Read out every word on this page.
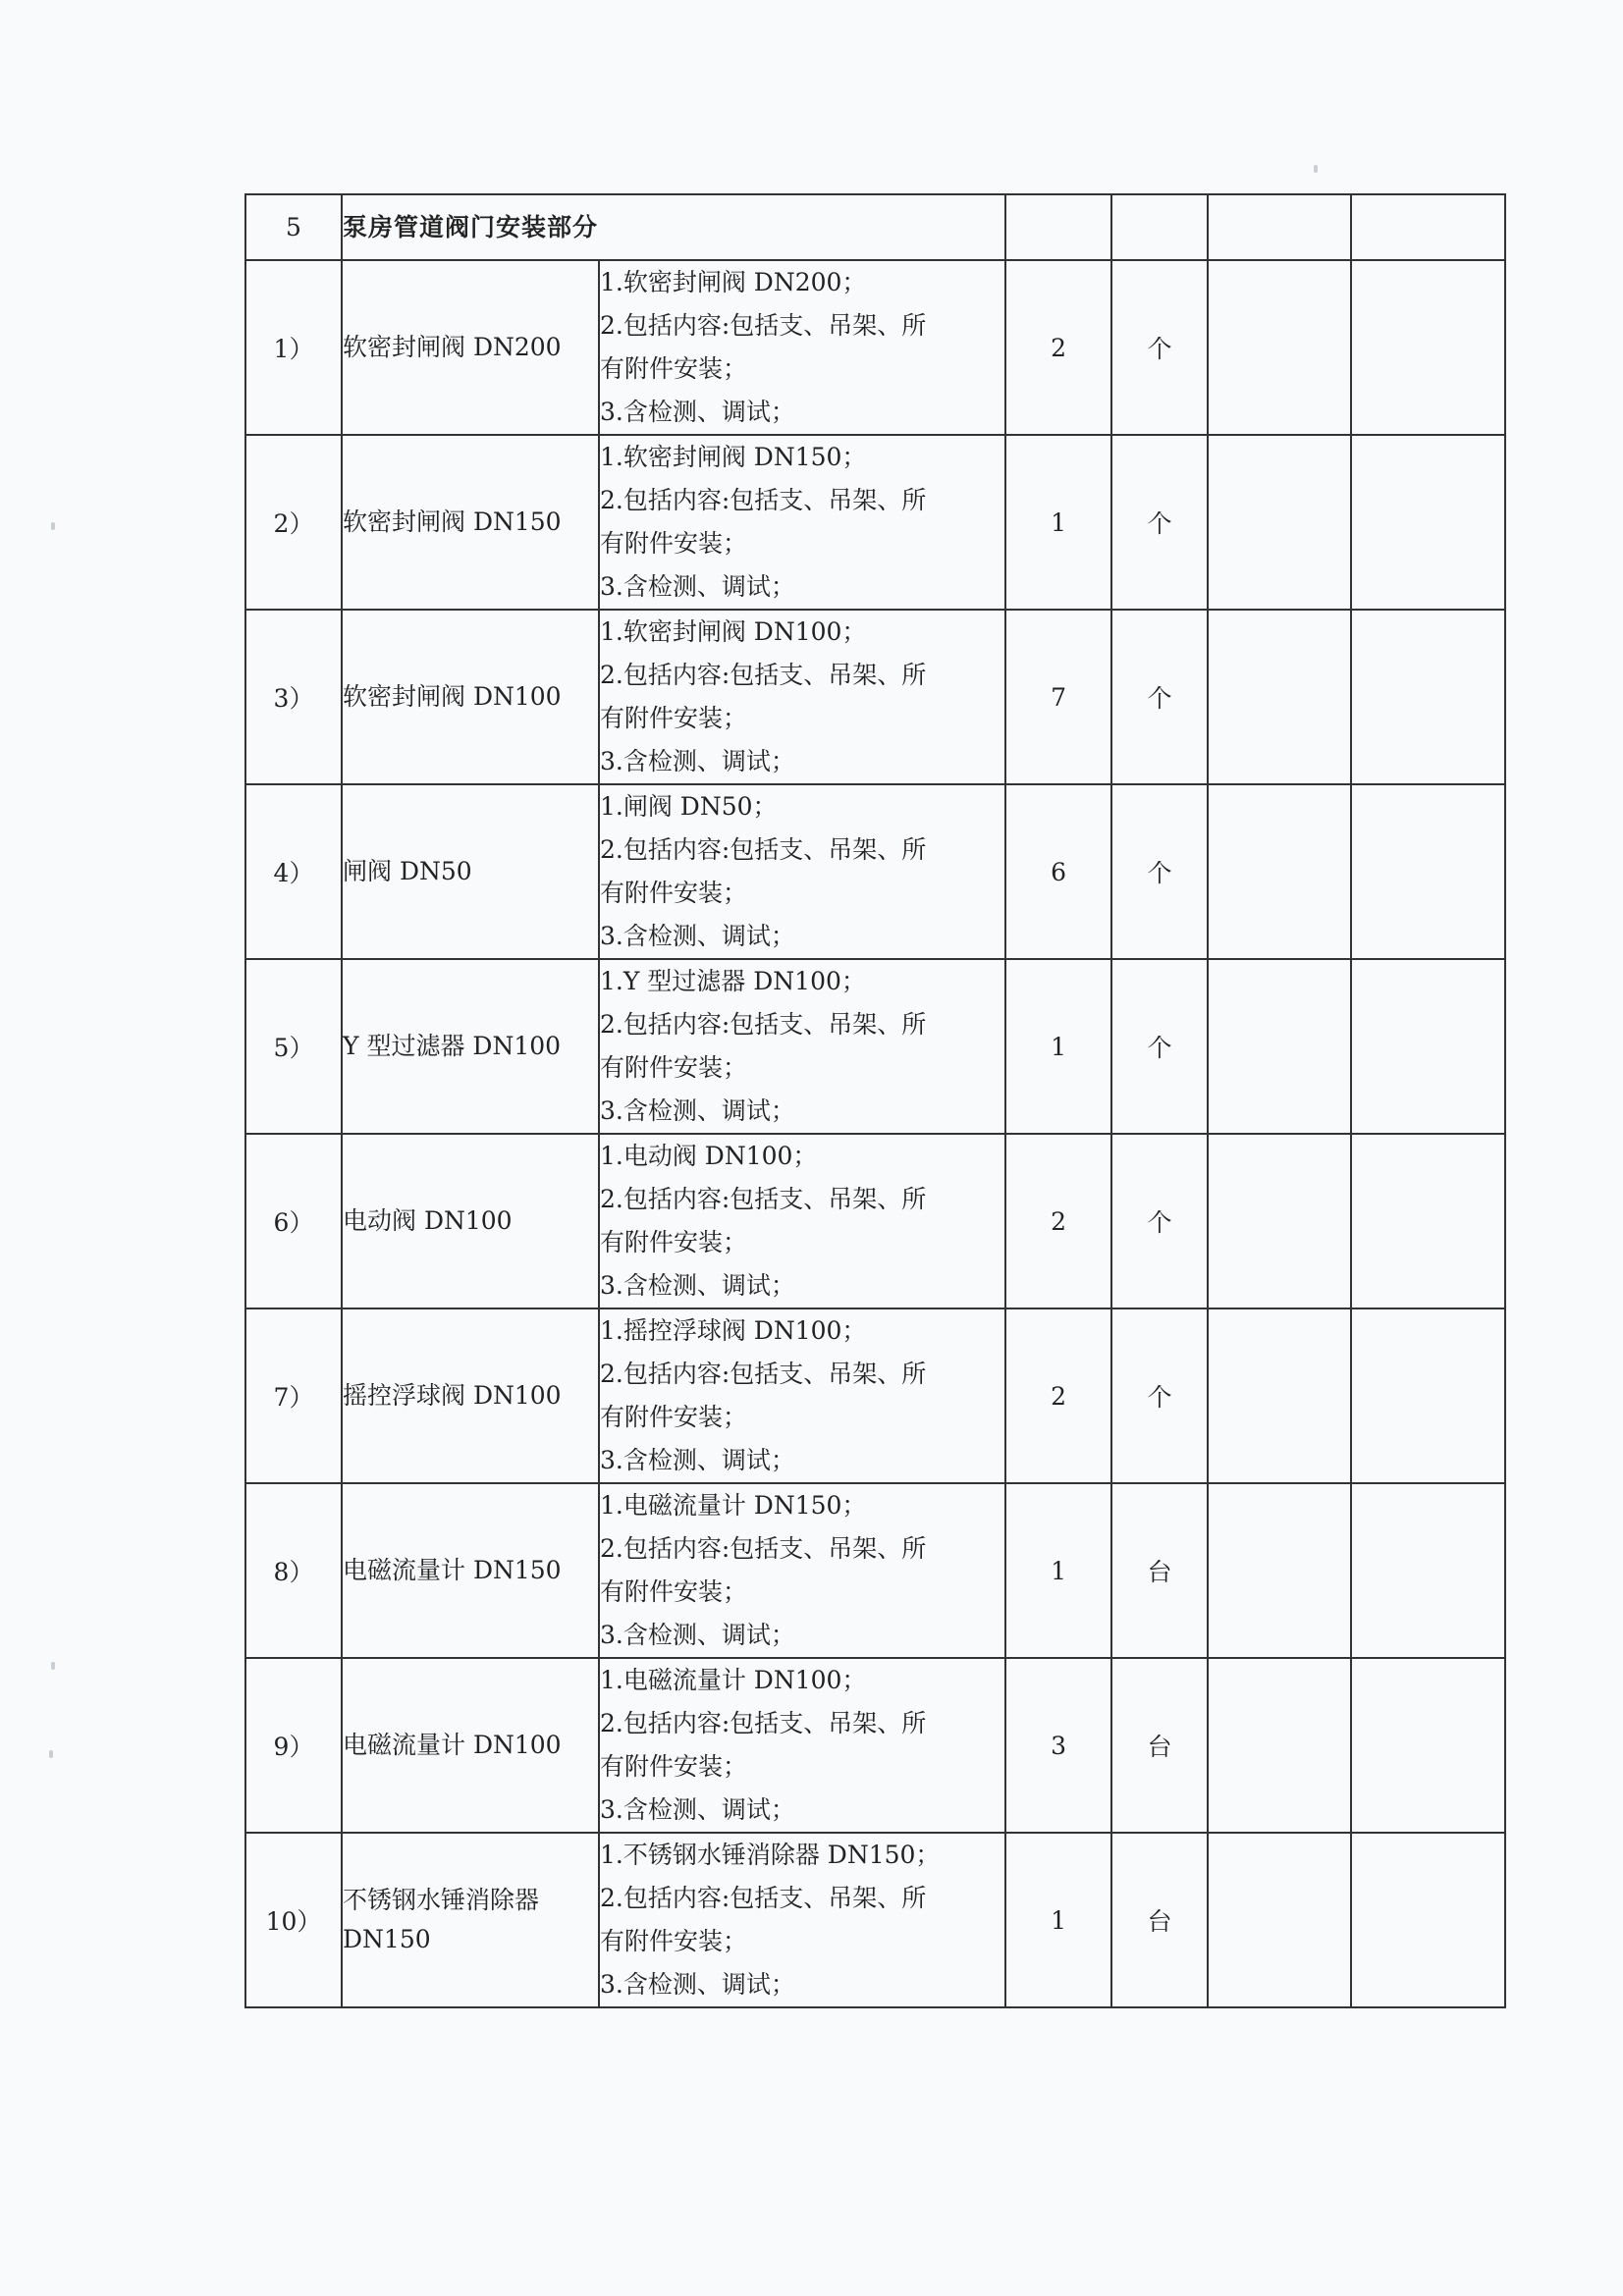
5	泵房管道阀门安装部分					
1）	软密封闸阀 DN200	1.软密封闸阀 DN200；
2.包括内容:包括支、吊架、所
有附件安装；
3.含检测、调试；	2	个		
2）	软密封闸阀 DN150	1.软密封闸阀 DN150；
2.包括内容:包括支、吊架、所
有附件安装；
3.含检测、调试；	1	个		
3）	软密封闸阀 DN100	1.软密封闸阀 DN100；
2.包括内容:包括支、吊架、所
有附件安装；
3.含检测、调试；	7	个		
4）	闸阀 DN50	1.闸阀 DN50；
2.包括内容:包括支、吊架、所
有附件安装；
3.含检测、调试；	6	个		
5）	Y 型过滤器 DN100	1.Y 型过滤器 DN100；
2.包括内容:包括支、吊架、所
有附件安装；
3.含检测、调试；	1	个		
6）	电动阀 DN100	1.电动阀 DN100；
2.包括内容:包括支、吊架、所
有附件安装；
3.含检测、调试；	2	个		
7）	摇控浮球阀 DN100	1.摇控浮球阀 DN100；
2.包括内容:包括支、吊架、所
有附件安装；
3.含检测、调试；	2	个		
8）	电磁流量计 DN150	1.电磁流量计 DN150；
2.包括内容:包括支、吊架、所
有附件安装；
3.含检测、调试；	1	台		
9）	电磁流量计 DN100	1.电磁流量计 DN100；
2.包括内容:包括支、吊架、所
有附件安装；
3.含检测、调试；	3	台		
10）	不锈钢水锤消除器 DN150	1.不锈钢水锤消除器 DN150；
2.包括内容:包括支、吊架、所
有附件安装；
3.含检测、调试；	1	台		
